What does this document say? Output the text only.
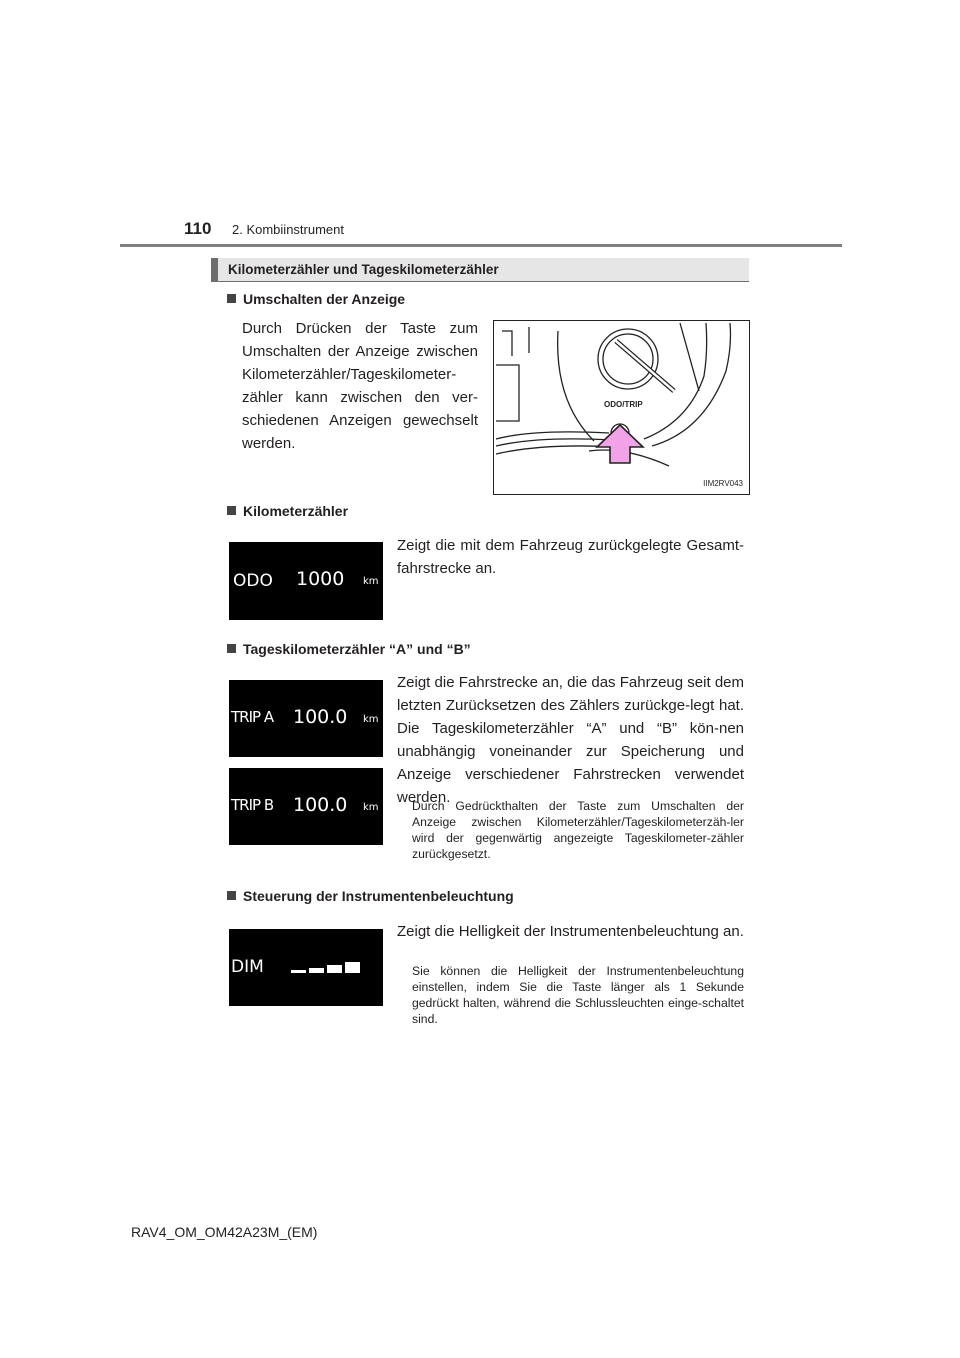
110 2. Kombiinstrument
Kilometerzähler und Tageskilometerzähler
Umschalten der Anzeige
Durch Drücken der Taste zum Umschalten der Anzeige zwischen Kilometerzähler/Tageskilometer-zähler kann zwischen den ver-schiedenen Anzeigen gewechselt werden.
ODO/TRIP
IIM2RV043
Kilometerzähler
ODO 1000 km
Zeigt die mit dem Fahrzeug zurückgelegte Gesamt-fahrstrecke an.
Tageskilometerzähler “A” und “B”
TRIP A 100.0 km
TRIP B 100.0 km
Zeigt die Fahrstrecke an, die das Fahrzeug seit dem letzten Zurücksetzen des Zählers zurückge-legt hat. Die Tageskilometerzähler “A” und “B” kön-nen unabhängig voneinander zur Speicherung und Anzeige verschiedener Fahrstrecken verwendet werden.
Durch Gedrückthalten der Taste zum Umschalten der Anzeige zwischen Kilometerzähler/Tageskilometerzäh-ler wird der gegenwärtig angezeigte Tageskilometer-zähler zurückgesetzt.
Steuerung der Instrumentenbeleuchtung
DIM
Zeigt die Helligkeit der Instrumentenbeleuchtung an.
Sie können die Helligkeit der Instrumentenbeleuchtung einstellen, indem Sie die Taste länger als 1 Sekunde gedrückt halten, während die Schlussleuchten einge-schaltet sind.
RAV4_OM_OM42A23M_(EM)
